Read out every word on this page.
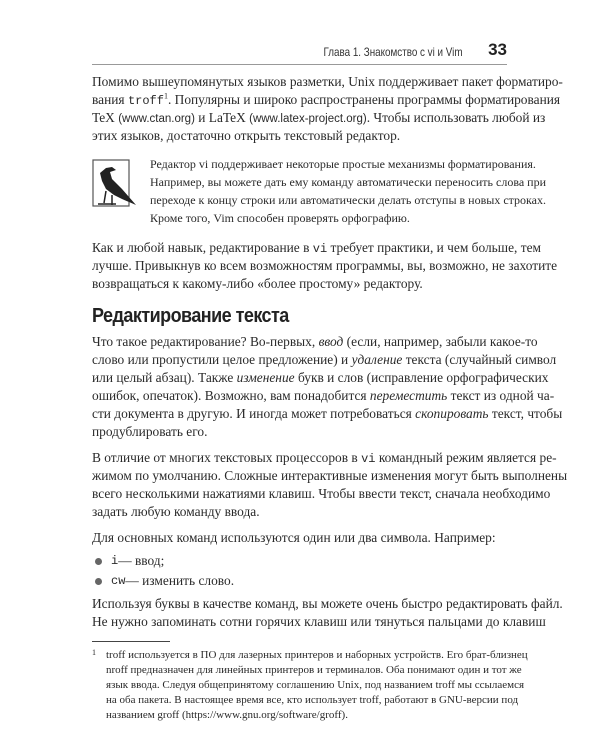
Глава 1. Знакомство с vi и Vim 33
Помимо вышеупомянутых языков разметки, Unix поддерживает пакет форматиро-
вания troff$^1$. Популярны и широко распространены программы форматирования
TeX (www.ctan.org) и LaTeX (www.latex-project.org). Чтобы использовать любой из
этих языков, достаточно открыть текстовый редактор.
Редактор vi поддерживает некоторые простые механизмы форматирования.
Например, вы можете дать ему команду автоматически переносить слова при
переходе к концу строки или автоматически делать отступы в новых строках.
Кроме того, Vim способен проверять орфографию.
Как и любой навык, редактирование в vi требует практики, и чем больше, тем
лучше. Привыкнув ко всем возможностям программы, вы, возможно, не захотите
возвращаться к какому-либо «более простому» редактору.
Редактирование текста
Что такое редактирование? Во-первых, ввод (если, например, забыли какое-то
слово или пропустили целое предложение) и удаление текста (случайный символ
или целый абзац). Также изменение букв и слов (исправление орфографических
ошибок, опечаток). Возможно, вам понадобится переместить текст из одной ча-
сти документа в другую. И иногда может потребоваться скопировать текст, чтобы
продублировать его.
В отличие от многих текстовых процессоров в vi командный режим является ре-
жимом по умолчанию. Сложные интерактивные изменения могут быть выполнены
всего несколькими нажатиями клавиш. Чтобы ввести текст, сначала необходимо
задать любую команду ввода.
Для основных команд используются один или два символа. Например:
i — ввод;
cw — изменить слово.
Используя буквы в качестве команд, вы можете очень быстро редактировать файл.
Не нужно запоминать сотни горячих клавиш или тянуться пальцами до клавиш
1 troff используется в ПО для лазерных принтеров и наборных устройств. Его брат-близнец
nroff предназначен для линейных принтеров и терминалов. Оба понимают один и тот же
язык ввода. Следуя общепринятому соглашению Unix, под названием troff мы ссылаемся
на оба пакета. В настоящее время все, кто использует troff, работают в GNU-версии под
названием groff (https://www.gnu.org/software/groff).
